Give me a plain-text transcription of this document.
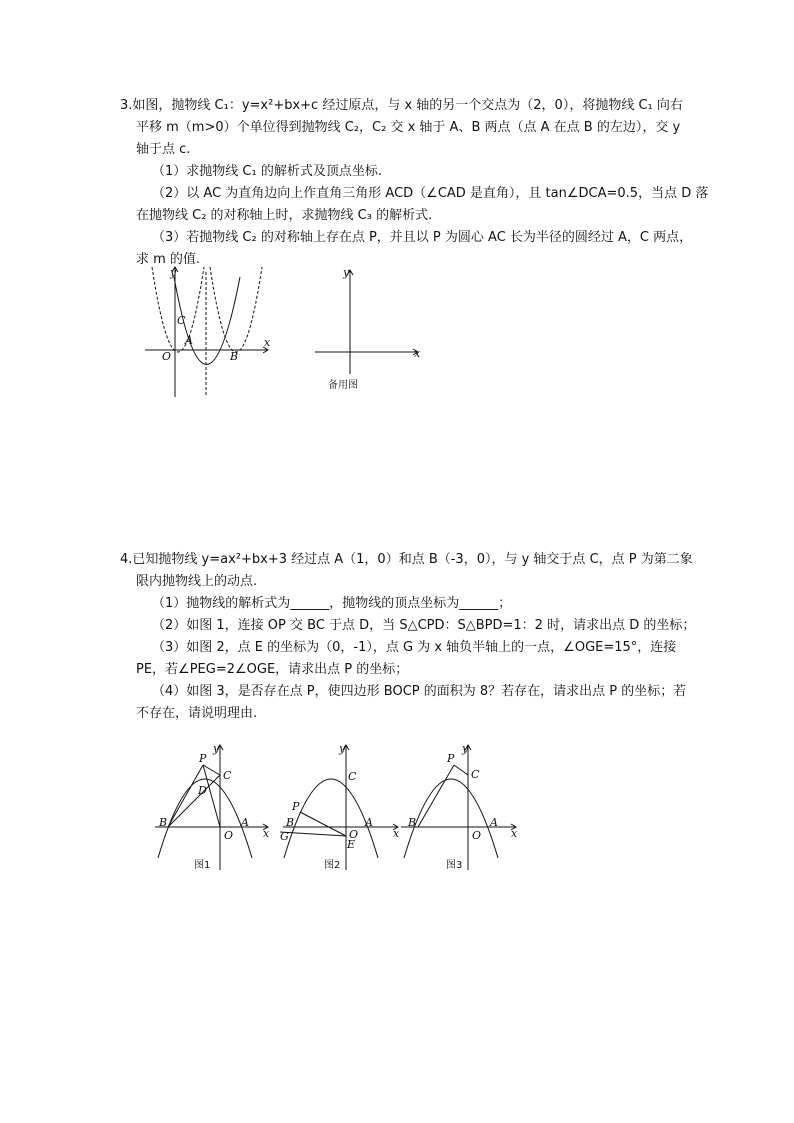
3.如图，抛物线 C₁：y=x²+bx+c 经过原点，与 x 轴的另一个交点为（2，0），将抛物线 C₁ 向右
平移 m（m>0）个单位得到抛物线 C₂，C₂ 交 x 轴于 A、B 两点（点 A 在点 B 的左边），交 y
轴于点 c.
（1）求抛物线 C₁ 的解析式及顶点坐标.
（2）以 AC 为直角边向上作直角三角形 ACD（∠CAD 是直角），且 tan∠DCA=0.5，当点 D 落
在抛物线 C₂ 的对称轴上时，求抛物线 C₃ 的解析式.
（3）若抛物线 C₂ 的对称轴上存在点 P，并且以 P 为圆心 AC 长为半径的圆经过 A，C 两点，
求 m 的值.
y
x
C
A
O	B
y
x
备用图
4.已知抛物线 y=ax²+bx+3 经过点 A（1，0）和点 B（-3，0），与 y 轴交于点 C，点 P 为第二象
限内抛物线上的动点.
（1）抛物线的解析式为______，抛物线的顶点坐标为______；
（2）如图 1，连接 OP 交 BC 于点 D，当 S△CPD：S△BPD=1：2 时，请求出点 D 的坐标；
（3）如图 2，点 E 的坐标为（0，-1），点 G 为 x 轴负半轴上的一点，∠OGE=15°，连接
PE，若∠PEG=2∠OGE，请求出点 P 的坐标；
（4）如图 3，是否存在点 P，使四边形 BOCP 的面积为 8？若存在，请求出点 P 的坐标；若
不存在，请说明理由.
y
x
P
C
D
B
O
A
图1
y
x
C
P
B	A
G	O
E
图2
y
x
P
C
B
O
A
图3
